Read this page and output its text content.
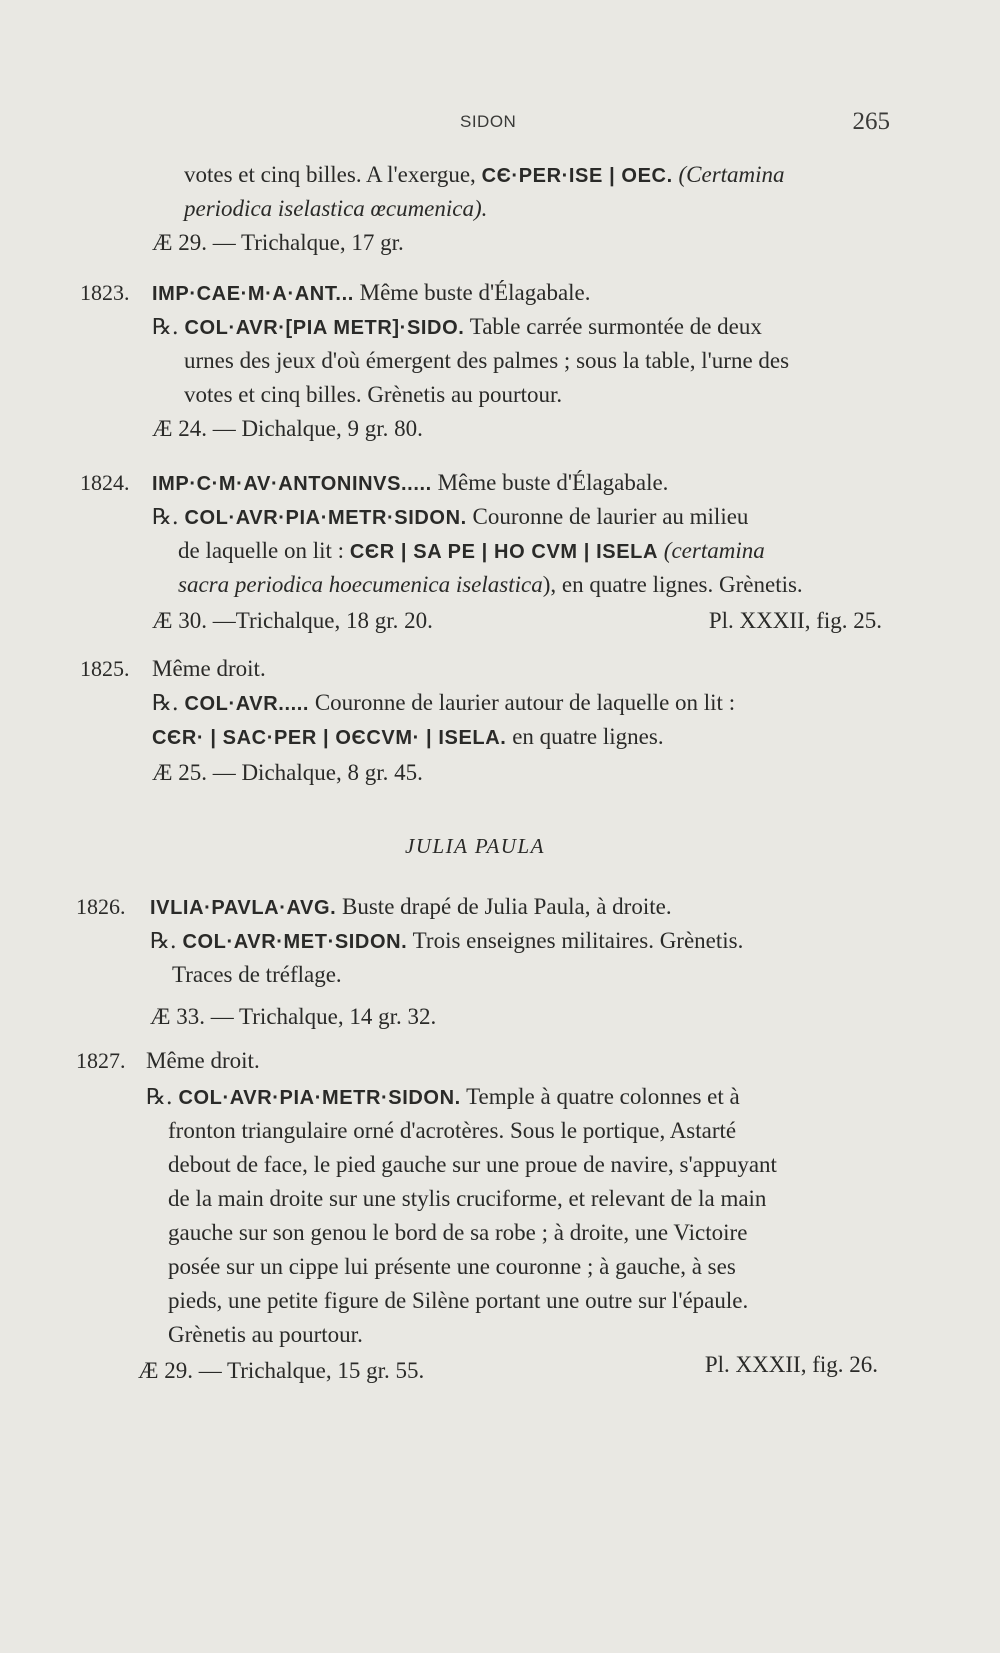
SIDON	265
votes et cinq billes. A l'exergue, CЄ·PER·ISE | OEC. (Certamina
periodica iselastica œcumenica).
Æ 29. — Trichalque, 17 gr.
1823. IMP·CAE·M·A·ANT... Même buste d'Élagabale.
℞. COL·AVR·[PIA METR]·SIDO. Table carrée surmontée de deux
urnes des jeux d'où émergent des palmes ; sous la table, l'urne des
votes et cinq billes. Grènetis au pourtour.
Æ 24. — Dichalque, 9 gr. 80.
1824. IMP·C·M·AV·ANTONINVS..... Même buste d'Élagabale.
℞. COL·AVR·PIA·METR·SIDON. Couronne de laurier au milieu
de laquelle on lit : CЄR | SA PE | HO CVM | ISELA (certamina
sacra periodica hoecumenica iselastica), en quatre lignes. Grènetis.
Æ 30. —Trichalque, 18 gr. 20.	Pl. XXXII, fig. 25.
1825. Même droit.
℞. COL·AVR..... Couronne de laurier autour de laquelle on lit :
CЄR· | SAC·PER | OЄCVM· | ISELA. en quatre lignes.
Æ 25. — Dichalque, 8 gr. 45.
JULIA PAULA
1826. IVLIA·PAVLA·AVG. Buste drapé de Julia Paula, à droite.
℞. COL·AVR·MET·SIDON. Trois enseignes militaires. Grènetis.
Traces de tréflage.
Æ 33. — Trichalque, 14 gr. 32.
1827. Même droit.
℞. COL·AVR·PIA·METR·SIDON. Temple à quatre colonnes et à
fronton triangulaire orné d'acrotères. Sous le portique, Astarté
debout de face, le pied gauche sur une proue de navire, s'appuyant
de la main droite sur une stylis cruciforme, et relevant de la main
gauche sur son genou le bord de sa robe ; à droite, une Victoire
posée sur un cippe lui présente une couronne ; à gauche, à ses
pieds, une petite figure de Silène portant une outre sur l'épaule.
Grènetis au pourtour.
Æ 29. — Trichalque, 15 gr. 55.	Pl. XXXII, fig. 26.
